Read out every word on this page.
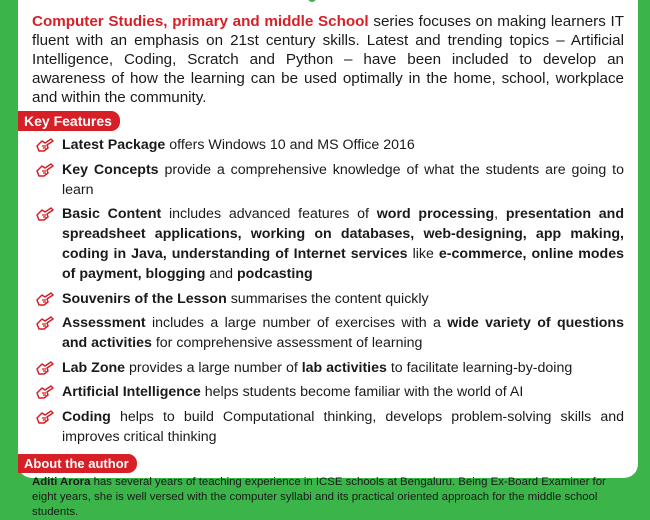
Computer Studies, primary and middle School series focuses on making learners IT fluent with an emphasis on 21st century skills. Latest and trending topics – Artificial Intelligence, Coding, Scratch and Python – have been included to develop an awareness of how the learning can be used optimally in the home, school, workplace and within the community.

Key Features
Latest Package offers Windows 10 and MS Office 2016
Key Concepts provide a comprehensive knowledge of what the students are going to learn
Basic Content includes advanced features of word processing, presentation and spreadsheet applications, working on databases, web-designing, app making, coding in Java, understanding of Internet services like e-commerce, online modes of payment, blogging and podcasting
Souvenirs of the Lesson summarises the content quickly
Assessment includes a large number of exercises with a wide variety of questions and activities for comprehensive assessment of learning
Lab Zone provides a large number of lab activities to facilitate learning-by-doing
Artificial Intelligence helps students become familiar with the world of AI
Coding helps to build Computational thinking, develops problem-solving skills and improves critical thinking
About the author

Aditi Arora has several years of teaching experience in ICSE schools at Bengaluru. Being Ex-Board Examiner for eight years, she is well versed with the computer syllabi and its practical oriented approach for the middle school students.
